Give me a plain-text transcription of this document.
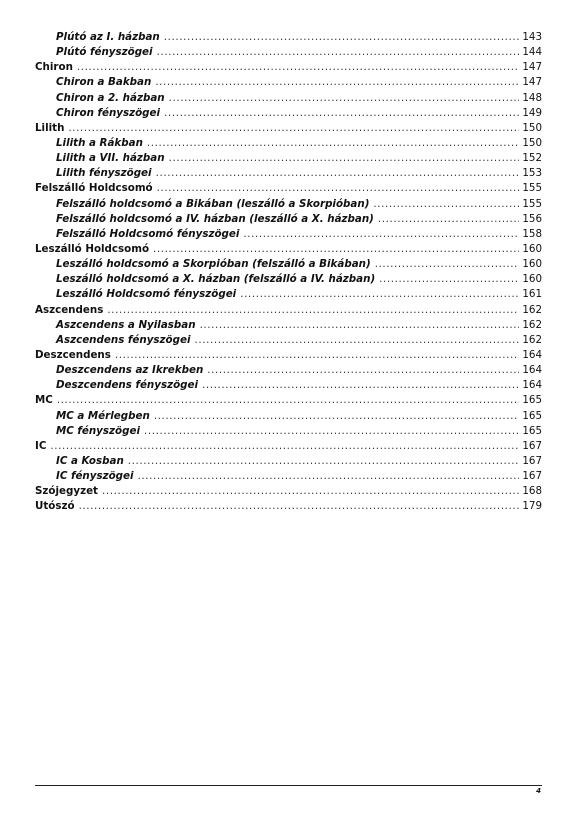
Plútó az I. házban .....	143
Plútó fényszögei .....	144
Chiron .....	147
Chiron a Bakban .....	147
Chiron a 2. házban .....	148
Chiron fényszögei .....	149
Lilith .....	150
Lilith a Rákban .....	150
Lilith a VII. házban .....	152
Lilith fényszögei .....	153
Felszálló Holdcsomó .....	155
Felszálló holdcsomó a Bikában (leszálló a Skorpióban) .....	155
Felszálló holdcsomó a IV. házban (leszálló a X. házban) .....	156
Felszálló Holdcsomó fényszögei .....	158
Leszálló Holdcsomó .....	160
Leszálló holdcsomó a Skorpióban (felszálló a Bikában) .....	160
Leszálló holdcsomó a X. házban (felszálló a IV. házban) .....	160
Leszálló Holdcsomó fényszögei .....	161
Aszcendens .....	162
Aszcendens a Nyilasban .....	162
Aszcendens fényszögei .....	162
Deszcendens .....	164
Deszcendens az Ikrekben .....	164
Deszcendens fényszögei .....	164
MC .....	165
MC a Mérlegben .....	165
MC fényszögei .....	165
IC .....	167
IC a Kosban .....	167
IC fényszögei .....	167
Szójegyzet .....	168
Utószó .....	179
4
